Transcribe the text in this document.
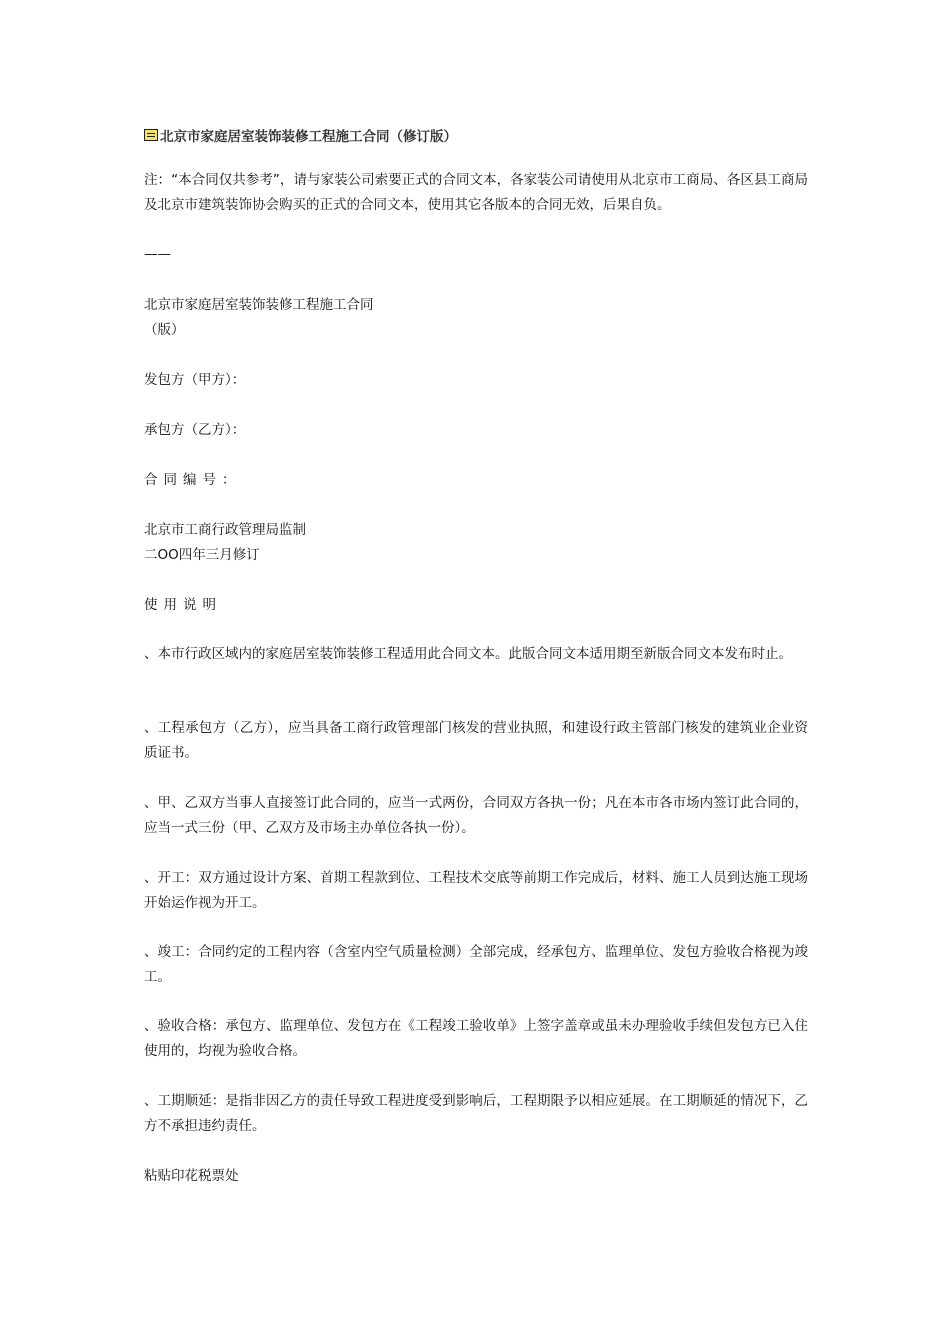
北京市家庭居室装饰装修工程施工合同（修订版）
注：“本合同仅共参考”，请与家装公司索要正式的合同文本，各家装公司请使用从北京市工商局、各区县工商局及北京市建筑装饰协会购买的正式的合同文本，使用其它各版本的合同无效，后果自负。
——
北京市家庭居室装饰装修工程施工合同
（版）
发包方（甲方）：
承包方（乙方）：
合同编号：
北京市工商行政管理局监制
二OO四年三月修订
使用说明
、本市行政区域内的家庭居室装饰装修工程适用此合同文本。此版合同文本适用期至新版合同文本发布时止。
、工程承包方（乙方），应当具备工商行政管理部门核发的营业执照，和建设行政主管部门核发的建筑业企业资质证书。
、甲、乙双方当事人直接签订此合同的，应当一式两份，合同双方各执一份；凡在本市各市场内签订此合同的，应当一式三份（甲、乙双方及市场主办单位各执一份）。
、开工：双方通过设计方案、首期工程款到位、工程技术交底等前期工作完成后，材料、施工人员到达施工现场开始运作视为开工。
、竣工：合同约定的工程内容（含室内空气质量检测）全部完成，经承包方、监理单位、发包方验收合格视为竣工。
、验收合格：承包方、监理单位、发包方在《工程竣工验收单》上签字盖章或虽未办理验收手续但发包方已入住使用的，均视为验收合格。
、工期顺延：是指非因乙方的责任导致工程进度受到影响后，工程期限予以相应延展。在工期顺延的情况下，乙方不承担违约责任。
粘贴印花税票处
